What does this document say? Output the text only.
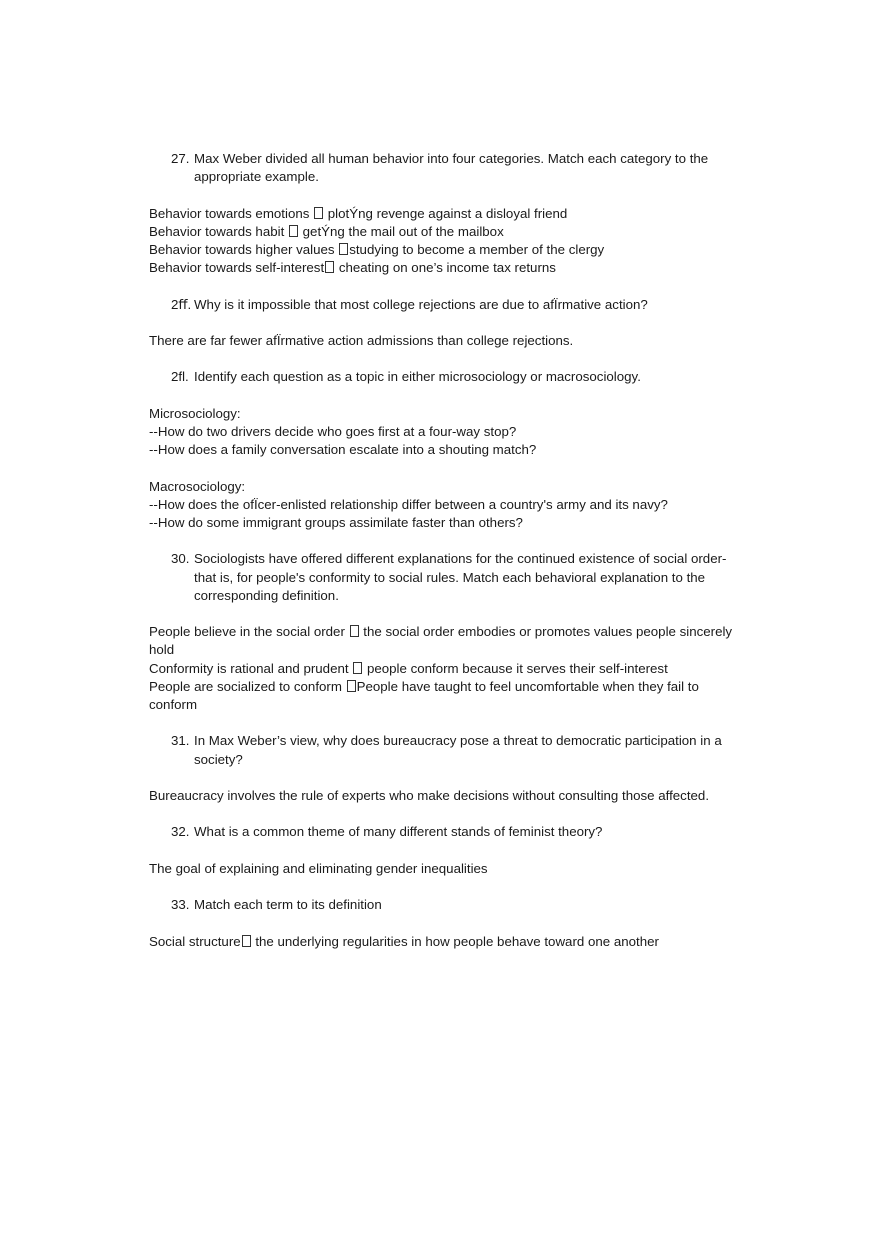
27. Max Weber divided all human behavior into four categories. Match each category to the appropriate example.
Behavior towards emotions  plotÝng revenge against a disloyal friend
Behavior towards habit  getÝng the mail out of the mailbox
Behavior towards higher values studying to become a member of the clergy
Behavior towards self-interest cheating on one’s income tax returns
2ﬀ. Why is it impossible that most college rejections are due to afÏrmative action?
There are far fewer afÏrmative action admissions than college rejections.
2ﬂ. Identify each question as a topic in either microsociology or macrosociology.
Microsociology:
--How do two drivers decide who goes first at a four-way stop?
--How does a family conversation escalate into a shouting match?
Macrosociology:
--How does the ofÏcer-enlisted relationship differ between a country's army and its navy?
--How do some immigrant groups assimilate faster than others?
30. Sociologists have offered different explanations for the continued existence of social order-that is, for people's conformity to social rules. Match each behavioral explanation to the corresponding definition.
People believe in the social order  the social order embodies or promotes values people sincerely hold
Conformity is rational and prudent  people conform because it serves their self-interest
People are socialized to conform People have taught to feel uncomfortable when they fail to conform
31. In Max Weber’s view, why does bureaucracy pose a threat to democratic participation in a society?
Bureaucracy involves the rule of experts who make decisions without consulting those affected.
32. What is a common theme of many different stands of feminist theory?
The goal of explaining and eliminating gender inequalities
33. Match each term to its definition
Social structure the underlying regularities in how people behave toward one another
